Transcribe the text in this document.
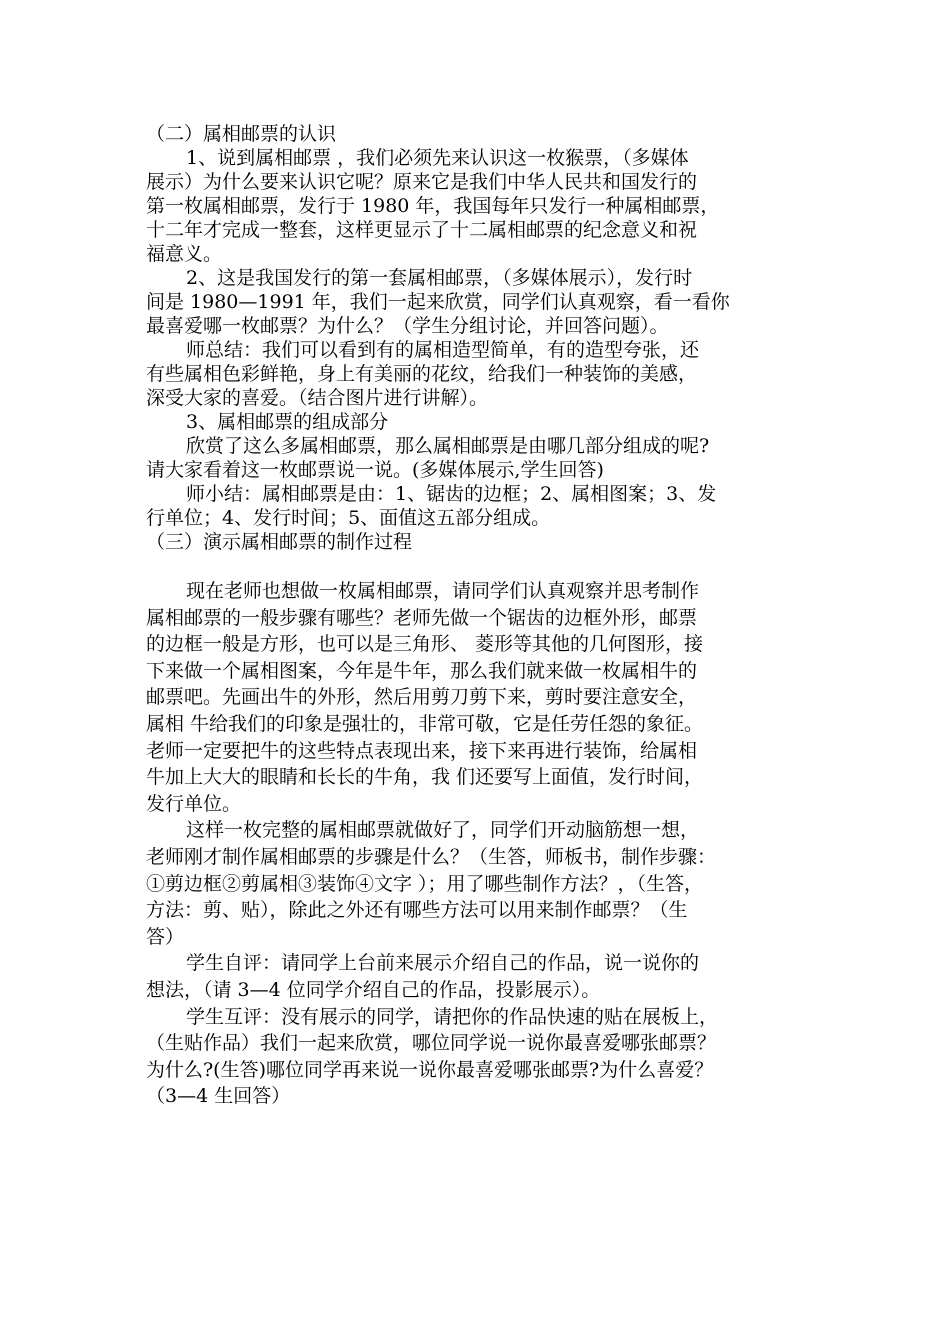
（二）属相邮票的认识

1、说到属相邮票 ，我们必须先来认识这一枚猴票，（多媒体
展示）为什么要来认识它呢？原来它是我们中华人民共和国发行的
第一枚属相邮票，发行于 1980 年，我国每年只发行一种属相邮票，
十二年才完成一整套，这样更显示了十二属相邮票的纪念意义和祝
福意义。

2、这是我国发行的第一套属相邮票，（多媒体展示），发行时
间是 1980—1991 年，我们一起来欣赏，同学们认真观察，看一看你
最喜爱哪一枚邮票？为什么？（学生分组讨论，并回答问题）。

师总结：我们可以看到有的属相造型简单，有的造型夸张，还
有些属相色彩鲜艳，身上有美丽的花纹，给我们一种装饰的美感，
深受大家的喜爱。（结合图片进行讲解）。

3、属相邮票的组成部分

欣赏了这么多属相邮票，那么属相邮票是由哪几部分组成的呢?
请大家看着这一枚邮票说一说。(多媒体展示,学生回答)

师小结：属相邮票是由：1、锯齿的边框；2、属相图案；3、发
行单位；4、发行时间；5、面值这五部分组成。

（三）演示属相邮票的制作过程

现在老师也想做一枚属相邮票，请同学们认真观察并思考制作
属相邮票的一般步骤有哪些？老师先做一个锯齿的边框外形，邮票
的边框一般是方形，也可以是三角形、 菱形等其他的几何图形，接
下来做一个属相图案，今年是牛年，那么我们就来做一枚属相牛的
邮票吧。先画出牛的外形，然后用剪刀剪下来，剪时要注意安全，
属相 牛给我们的印象是强壮的，非常可敬，它是任劳任怨的象征。
老师一定要把牛的这些特点表现出来，接下来再进行装饰，给属相
牛加上大大的眼睛和长长的牛角，我 们还要写上面值，发行时间，
发行单位。

这样一枚完整的属相邮票就做好了，同学们开动脑筋想一想，
老师刚才制作属相邮票的步骤是什么？（生答，师板书，制作步骤：
①剪边框②剪属相③装饰④文字 ）；用了哪些制作方法？，（生答，
方法：剪、贴），除此之外还有哪些方法可以用来制作邮票？（生
答）

学生自评：请同学上台前来展示介绍自己的作品，说一说你的
想法，（请 3—4 位同学介绍自己的作品，投影展示）。

学生互评：没有展示的同学，请把你的作品快速的贴在展板上，
（生贴作品）我们一起来欣赏，哪位同学说一说你最喜爱哪张邮票？
为什么?(生答)哪位同学再来说一说你最喜爱哪张邮票?为什么喜爱？
（3—4 生回答）
